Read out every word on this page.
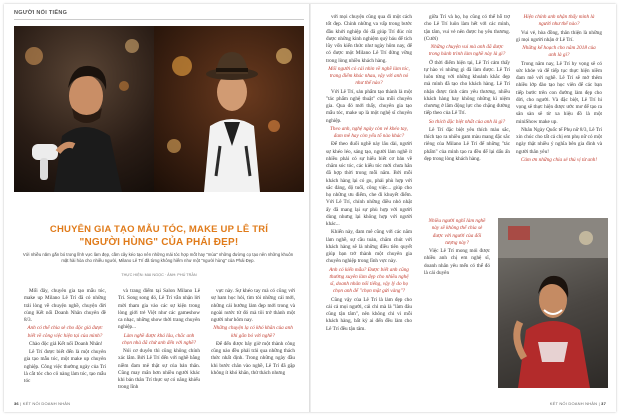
NGƯỜI NỔI TIẾNG
CHUYÊN GIA TẠO MẪU TÓC, MAKE UP LÊ TRÍ
"NGƯỜI HÙNG" CỦA PHÁI ĐẸP!
Với nhiều năm gắn bó trong lĩnh vực làm đẹp, cầm cây kéo tạo nên những mái tóc hợp mốt hay "mùa" những đường cọ tạo nên những khuôn mặt hài hòa cho nhiều người, Milano Lê Trí đã từng không hiếm như một "người hùng" của Phái Đẹp.
THỰC HIỆN: MAI NGỌC · ẢNH: PHÚ TRẦN

Mối đây, chuyên gia tạo mẫu tóc, make up Milano Lê Trí đã có những trải lòng về chuyện nghề, chuyện đời cùng Kết nối Doanh Nhân chuyên đề 8/3.

Anh có thể chia sẻ cho độc giả được biết về công việc hiện tại của mình?

Chào độc giả Kết nối Doanh Nhân!

Lê Trí được biết đến là một chuyên gia tạo mẫu tóc, một make up chuyên nghiệp. Công việc thường ngày của Trí là cắt tóc cho cô nàng làm tóc, tạo mẫu tóc

và trang điểm tại Salon Milano Lê Trí. Song song đó, Lê Trí vẫn nhận lời mời tham gia vào các sự kiện trong lòng giới trẻ Việt như các gameshow ca nhạc, những show thời trang chuyên nghiệp...

Làm nghề được khá lâu, chắc anh chọn nhà đã chứ anh đến với nghề?

Nói cơ duyên thì cũng không chính xác lắm. Bởi Lê Trí đến với nghề bằng niềm đam mê thật sự của bản thân. Cũng may mắn hơn nhiều người khác khi bản thân Trí thực sự có năng khiếu trong lĩnh

vực này. Sự khéo tay mà có cũng với sự ham học hỏi, tìm tòi những cái mới, những cái hướng làm đẹp mới trong và ngoài nước từ đó mà tôi trở thành một người như hôm nay.

Những chuyện lạ có khó khăn của anh khi gắn bó với nghề?

Để đến được bây giờ một thành công cũng nào đều phải trải qua những thách thức nhất định. Trong những ngày đầu khi bước chân vào nghề, Lê Trí đã gặp không ít khó khăn, thử thách nhưng

với mọi chuyện cũng qua đi một cách tốt đẹp. Chính những va vấp trong bước đầu khởi nghiệp đó đã giúp Trí đúc rút được những kinh nghiệm quý báu để tích lũy vốn kiến thức như ngày hôm nay, để có được một Milano Lê Trí đứng vững trong lòng nhiều khách hàng.

Mối người có cái nhìn về nghề làm tóc, trang điểm khác nhau, vậy với anh nó như thế nào?

Với Lê Trí, sản phẩm tạo thành là một "tác phẩm nghệ thuật" của mỗi chuyên gia. Qua đó mới thấy, chuyên gia tạo mẫu tóc, make up là một nghệ sĩ chuyên nghiệp.

Theo anh, nghệ ngày còn vẻ khéo tay, đam mê hay còn yếu tố nào khác?

Để theo đuổi nghề này lâu dài, người sự khéo léo, sáng tạo, người làm nghề ít nhiều phải có sự hiểu biết cơ bản về chăm sóc tóc, các kiểu tóc mới chưa hẳn đã hợp thời trong mỗi năm. Bởi mỗi khách hàng lại có gu, phải phù hợp với sắc đáng, độ tuổi, công việc... giúp cho họ những ưu điểm, che đi khuyết điểm. Với Lê Trí, chính những điều nhỏ nhặt ấy đã mang lại sự phù hợp với người dùng nhưng lại không hợp với người khác...

Khiến này, đam mê cũng với các năm làm nghề, sự cầu toàn, chăm chút với khách hàng sẽ là những điều tiên quyết giúp bạn trở thành một chuyên gia chuyên nghiệp trong lĩnh vực này.

Anh có kiến mẫu? Được biết anh cũng thường xuyên làm đẹp cho nhiều nghệ sĩ, doanh nhân nổi tiếng, vậy lý do họ chọn anh để "chọn mặt gửi vàng"?

Cũng vậy của Lê Trí là làm đẹp cho cái cả mọi người, cái chỉ mà là "làm đâu cũng tận tâm", nên không chỉ vì mỗi khách hàng, bất kỳ ai đến đều làm cho Lê Trí đều tận tâm.

giữa Trí và họ, họ cũng có thể hỗ trợ cho Lê Trí luôn làm hết với các mình, tận tâm, vui vẻ nên được họ yêu thương. (Cười)

Những chuyện vui mà anh đã được trong hành trình làm nghề này là gì?

Ở thời điểm hiện tại, Lê Trí cảm thấy tự hào vì những gì đã làm được. Lê Trí luôn từng với những khoảnh khắc đẹp mà mình đã tạo cho khách hàng. Lê Trí nhận được tình cảm yêu thương, nhiều khách hàng hay không những kì niệm chương ở lâm động lực cho chặng đường tiếp theo của Lê Trí.

So thích đặc biệt nhất của anh là gì?

Lê Trí đặc biệt yêu thích màu sắc, thích tạo ra nhiều gam màu mang đặc sắc riêng của Milano Lê Trí để những "tác phẩm" của mình tạo ra đều để lại dấu ấn đẹp trong lòng khách hàng.

Hiện chính anh nhận thấy mình là người như thế nào?

Vui vẻ, hòa đồng, thân thiện là những gì mọi người nhận ở Lê Trí.

Những kế hoạch cho năm 2018 của anh là gì?

Trong năm nay, Lê Trí hy vọng sẽ có sức khỏe và để tiếp tục thực hiện niềm đam mê với nghề. Lê Trí sẽ mở thêm nhiều lớp đào tạo học viên để các bạn tiếp bước trên con đường làm đẹp cho đời, cho người. Và đặc biệt, Lê Trí hi vọng sẽ thực hiện được ước mơ để tạo ra sân sàn sẽ từ xa hiệu đồ là một miniShow make up.

Nhân Ngày Quốc tế Phụ nữ 8/3, Lê Trí xin chúc cho tất cả chị em phụ nữ có một ngày thật nhiều ý nghĩa bên gia đình và người thân yêu!

Cảm ơn những chia sẻ thú vị từ anh!

Nhiều người nghĩ làm nghề này sẽ không thể chia sẻ được với người của đối tượng này?

Việc Lê Trí mong mỏi được nhiều anh chị em nghệ sĩ, doanh nhân yêu mến có thể đó là cái duyên

36 | KẾT NỐI DOANH NHÂN	KẾT NỐI DOANH NHÂN | 37
